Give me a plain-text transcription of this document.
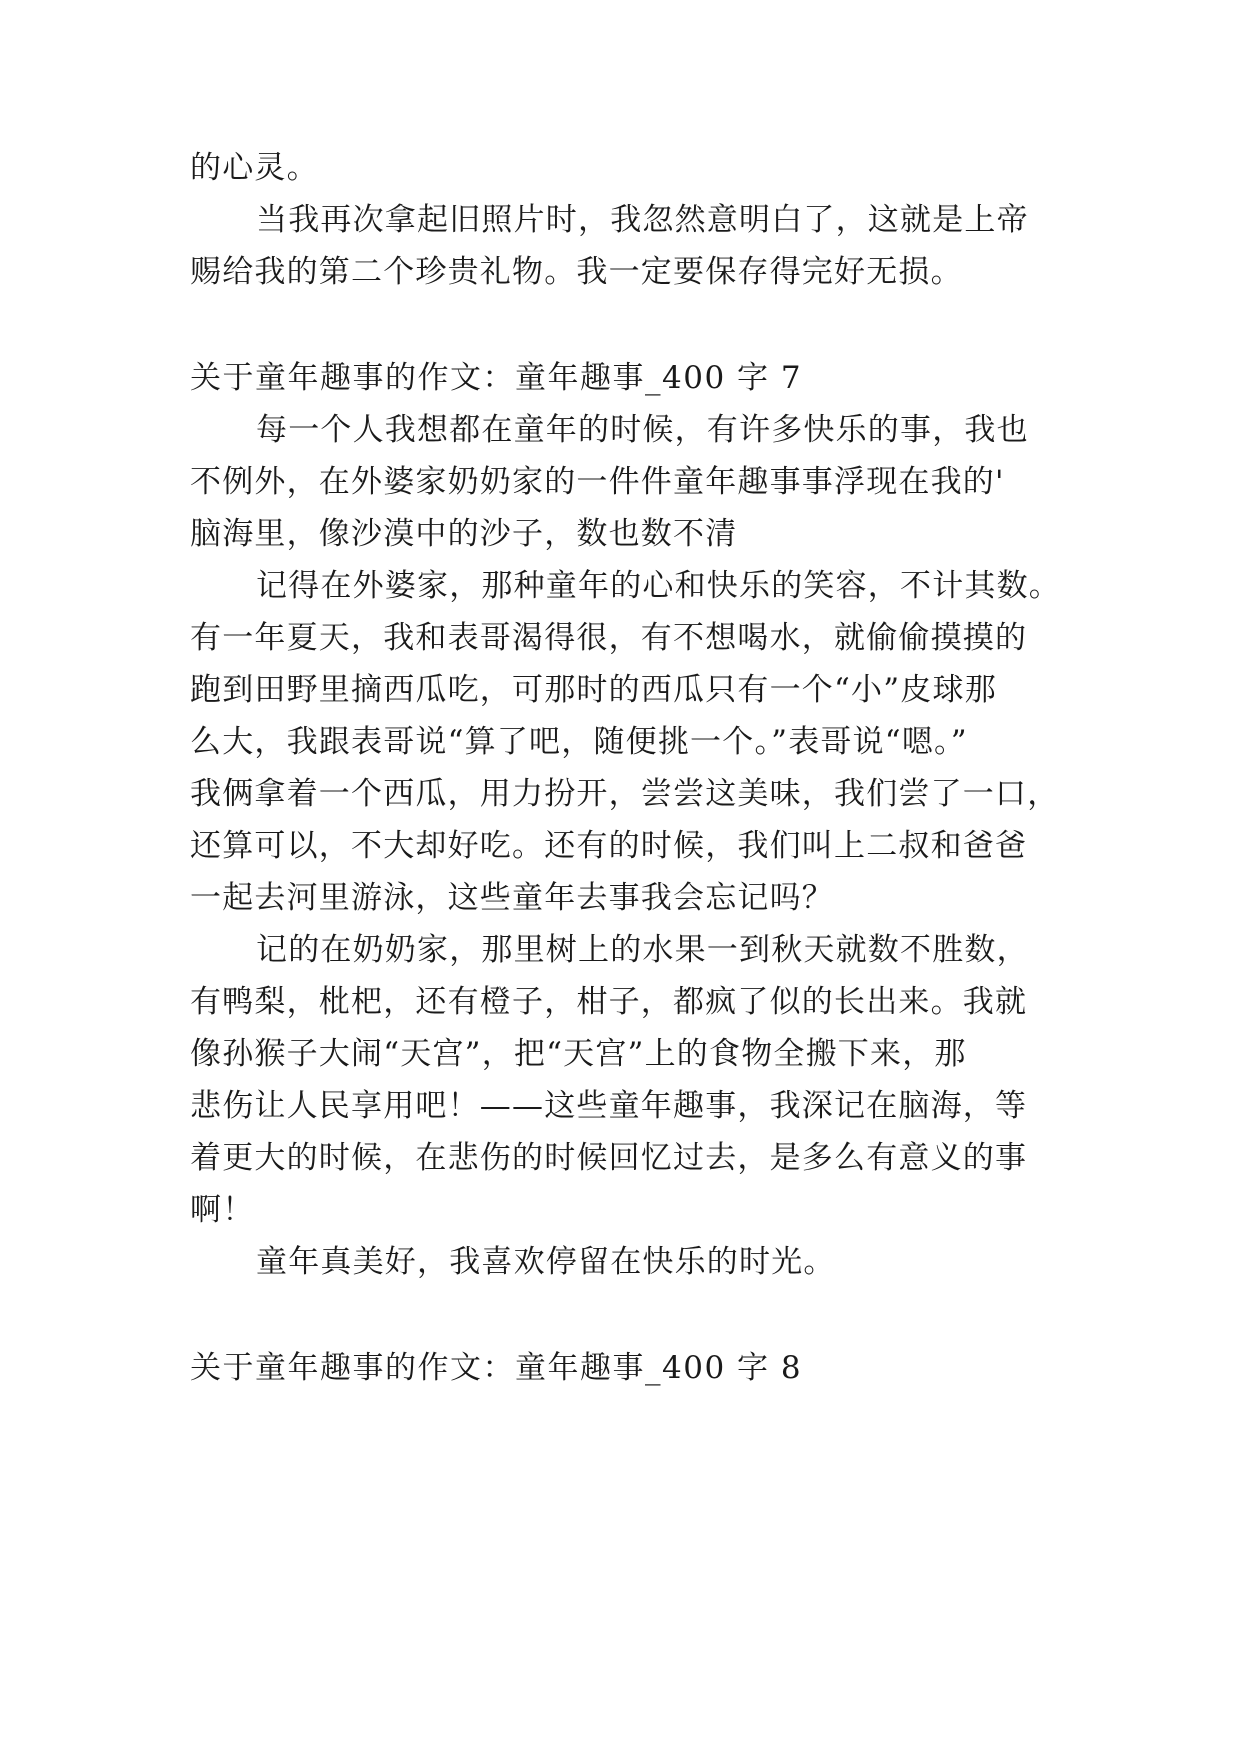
的心灵。
当我再次拿起旧照片时，我忽然意明白了，这就是上帝
赐给我的第二个珍贵礼物。我一定要保存得完好无损。
关于童年趣事的作文：童年趣事_400 字 7
每一个人我想都在童年的时候，有许多快乐的事，我也
不例外，在外婆家奶奶家的一件件童年趣事事浮现在我的'
脑海里，像沙漠中的沙子，数也数不清
记得在外婆家，那种童年的心和快乐的笑容，不计其数。
有一年夏天，我和表哥渴得很，有不想喝水，就偷偷摸摸的
跑到田野里摘西瓜吃，可那时的西瓜只有一个“小”皮球那
么大，我跟表哥说“算了吧，随便挑一个。”表哥说“嗯。”
我俩拿着一个西瓜，用力扮开，尝尝这美味，我们尝了一口，
还算可以，不大却好吃。还有的时候，我们叫上二叔和爸爸
一起去河里游泳，这些童年去事我会忘记吗？
记的在奶奶家，那里树上的水果一到秋天就数不胜数，
有鸭梨，枇杷，还有橙子，柑子，都疯了似的长出来。我就
像孙猴子大闹“天宫”，把“天宫”上的食物全搬下来，那
悲伤让人民享用吧！——这些童年趣事，我深记在脑海，等
着更大的时候，在悲伤的时候回忆过去，是多么有意义的事
啊！
童年真美好，我喜欢停留在快乐的时光。
关于童年趣事的作文：童年趣事_400 字 8
